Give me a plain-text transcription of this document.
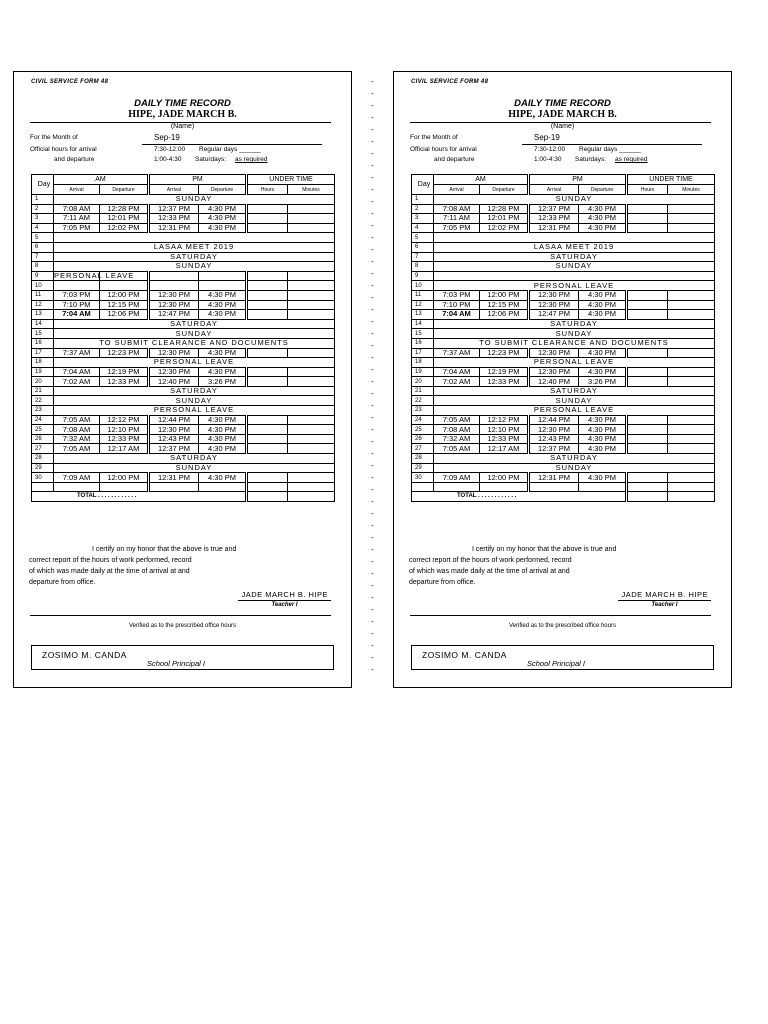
CIVIL SERVICE FORM 48
DAILY TIME RECORD
HIPE, JADE MARCH B.
(Name)
For the Month of	Sep-19
Official hours for arrival	7:30-12:00 Regular days ______
and departure	1:00-4:30 Saturdays: as required
Day	AM		PM		UNDER TIME	
	Arrival	Departure	Arrival	Departure	Hours	Minutes
1	SUNDAY					
2	7:08 AM	12:28 PM	12:37 PM	4:30 PM		
3	7:11 AM	12:01 PM	12:33 PM	4:30 PM		
4	7:05 PM	12:02 PM	12:31 PM	4:30 PM		
5						
6	LASAA MEET 2019					
7	SATURDAY					
8	SUNDAY					
9	PERSONAL LEAVE					
10						
11	7:03 PM	12:00 PM	12:30 PM	4:30 PM		
12	7:10 PM	12:15 PM	12:30 PM	4:30 PM		
13	7:04 AM	12:06 PM	12:47 PM	4:30 PM		
14	SATURDAY					
15	SUNDAY					
16	TO SUBMIT CLEARANCE AND DOCUMENTS					
17	7:37 AM	12:23 PM	12:30 PM	4:30 PM		
18	PERSONAL LEAVE					
19	7:04 AM	12:19 PM	12:30 PM	4:30 PM		
20	7:02 AM	12:33 PM	12:40 PM	3:26 PM		
21	SATURDAY					
22	SUNDAY					
23	PERSONAL LEAVE					
24	7:05 AM	12:12 PM	12:44 PM	4:30 PM		
25	7:08 AM	12:10 PM	12:30 PM	4:30 PM		
26	7:32 AM	12:33 PM	12:43 PM	4:30 PM		
27	7:05 AM	12:17 AM	12:37 PM	4:30 PM		
28	SATURDAY					
29	SUNDAY					
30	7:09 AM	12:00 PM	12:31 PM	4:30 PM		

TOTAL . . . . . . . . . . . .						
I certify on my honor that the above is true and
correct report of the hours of work performed, record
of which was made daily at the time of arrival at and
departure from office.
JADE MARCH B. HIPE
Teacher I
Verified as to the prescribed office hours
ZOSIMO M. CANDA
School Principal I
CIVIL SERVICE FORM 48
DAILY TIME RECORD
HIPE, JADE MARCH B.
(Name)
For the Month of	Sep-19
Official hours for arrival	7:30-12:00 Regular days ______
and departure	1:00-4:30 Saturdays: as required
Day	AM		PM		UNDER TIME	
	Arrival	Departure	Arrival	Departure	Hours	Minutes
1	SUNDAY					
2	7:08 AM	12:28 PM	12:37 PM	4:30 PM		
3	7:11 AM	12:01 PM	12:33 PM	4:30 PM		
4	7:05 PM	12:02 PM	12:31 PM	4:30 PM		
5						
6	LASAA MEET 2019					
7	SATURDAY					
8	SUNDAY					
9						
10	PERSONAL LEAVE					
11	7:03 PM	12:00 PM	12:30 PM	4:30 PM		
12	7:10 PM	12:15 PM	12:30 PM	4:30 PM		
13	7:04 AM	12:06 PM	12:47 PM	4:30 PM		
14	SATURDAY					
15	SUNDAY					
16	TO SUBMIT CLEARANCE AND DOCUMENTS					
17	7:37 AM	12:23 PM	12:30 PM	4:30 PM		
18	PERSONAL LEAVE					
19	7:04 AM	12:19 PM	12:30 PM	4:30 PM		
20	7:02 AM	12:33 PM	12:40 PM	3:26 PM		
21	SATURDAY					
22	SUNDAY					
23	PERSONAL LEAVE					
24	7:05 AM	12:12 PM	12:44 PM	4:30 PM		
25	7:08 AM	12:10 PM	12:30 PM	4:30 PM		
26	7:32 AM	12:33 PM	12:43 PM	4:30 PM		
27	7:05 AM	12:17 AM	12:37 PM	4:30 PM		
28	SATURDAY					
29	SUNDAY					
30	7:09 AM	12:00 PM	12:31 PM	4:30 PM		

TOTAL . . . . . . . . . . . .						
I certify on my honor that the above is true and
correct report of the hours of work performed, record
of which was made daily at the time of arrival at and
departure from office.
JADE MARCH B. HIPE
Teacher I
Verified as to the prescribed office hours
ZOSIMO M. CANDA
School Principal I
-
-
-
-
-
-
-
-
-
-
-
-
-
-
-
-
-
-
-
-
-
-
-
-
-
-
-
-
-
-
-
-
-
-
-
-
-
-
-
-
-
-
-
-
-
-
-
-
-
-
